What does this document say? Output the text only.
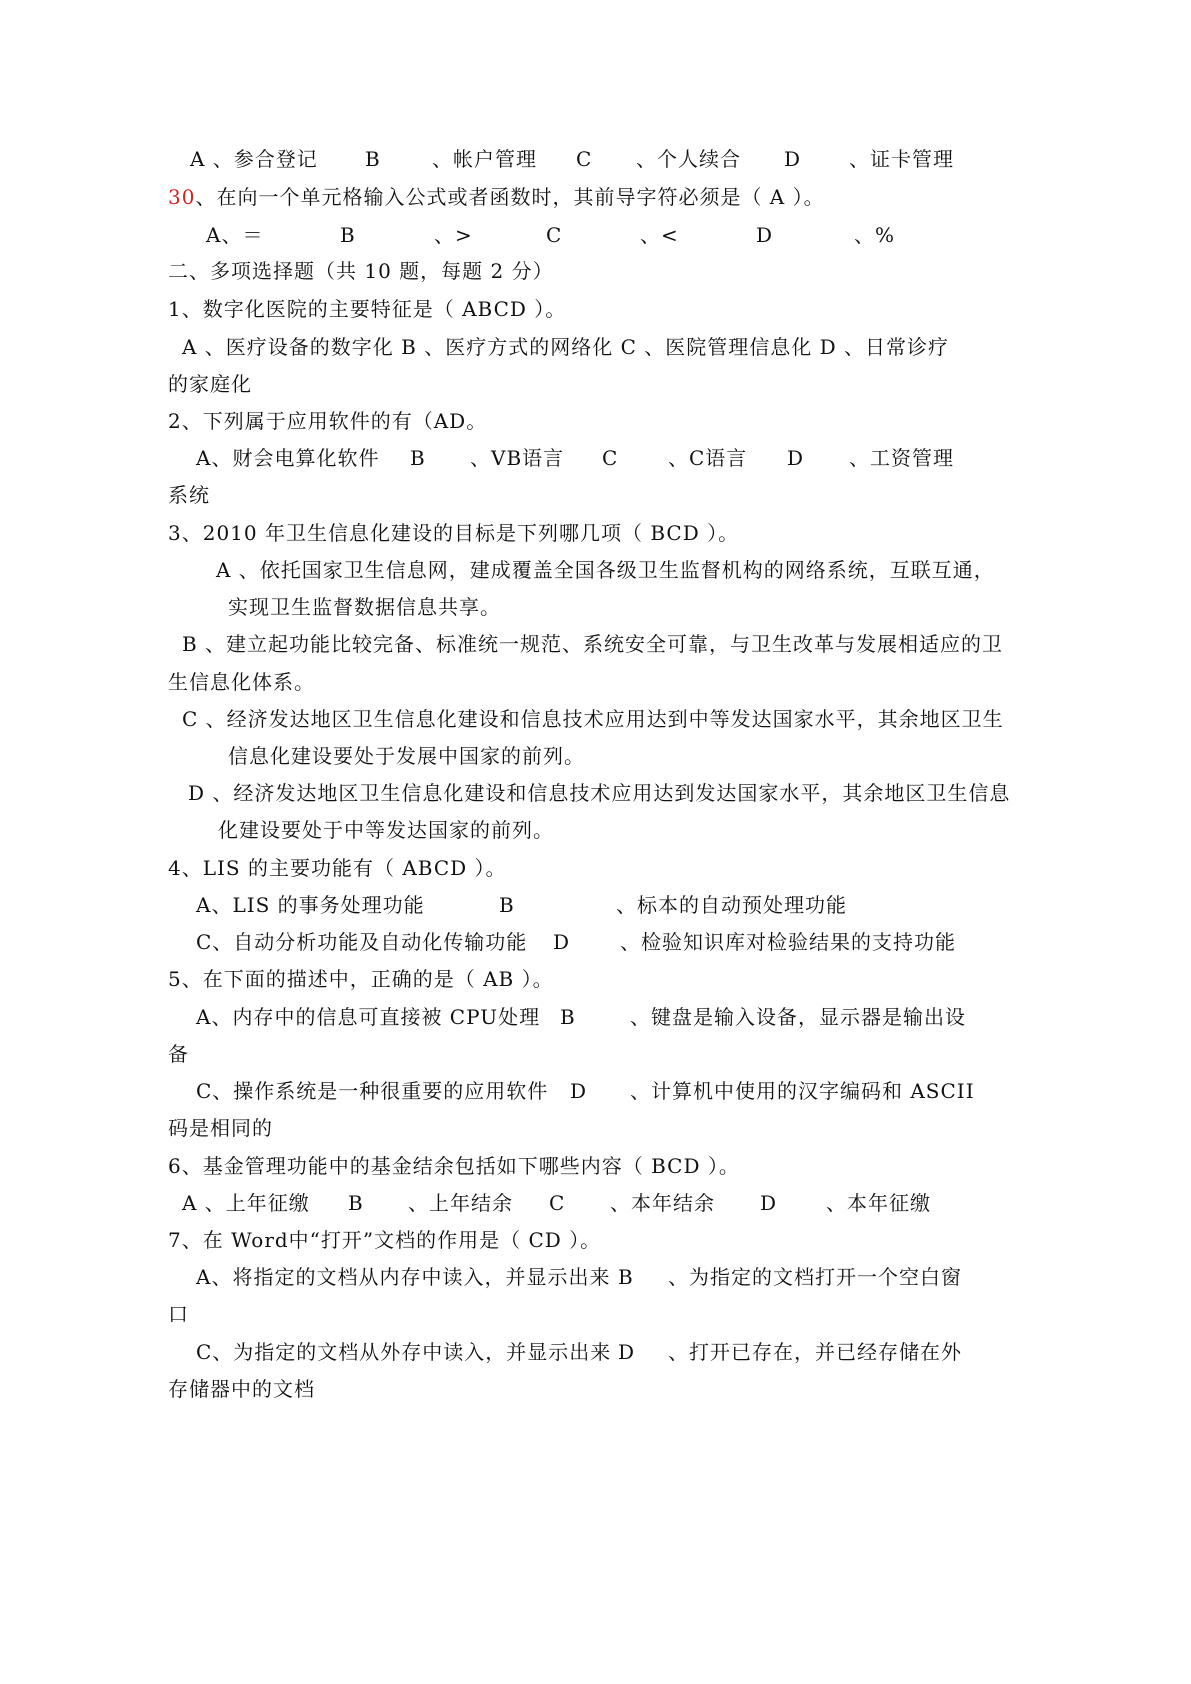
A 、参合登记 B	、帐户管理 C 、个人续合 D 、证卡管理
30、在向一个单元格输入公式或者函数时，其前导字符必须是（ A ）。
A、＝	B	、>	C	、<	D	、%
二、多项选择题（共 10 题，每题 2 分）
1、数字化医院的主要特征是（ ABCD ）。
A 、医疗设备的数字化 B 、医疗方式的网络化 C 、医院管理信息化 D 、日常诊疗
的家庭化
2、下列属于应用软件的有（AD。
A、财会电算化软件 B 、VB语言 C 、C语言 D 、工资管理
系统
3、2010 年卫生信息化建设的目标是下列哪几项（ BCD ）。
A 、依托国家卫生信息网，建成覆盖全国各级卫生监督机构的网络系统，互联互通，
实现卫生监督数据信息共享。
B 、建立起功能比较完备、标准统一规范、系统安全可靠，与卫生改革与发展相适应的卫
生信息化体系。
C 、经济发达地区卫生信息化建设和信息技术应用达到中等发达国家水平，其余地区卫生
信息化建设要处于发展中国家的前列。
D 、经济发达地区卫生信息化建设和信息技术应用达到发达国家水平，其余地区卫生信息
化建设要处于中等发达国家的前列。
4、LIS 的主要功能有（ ABCD ）。
A、LIS 的事务处理功能	B	、标本的自动预处理功能
C、自动分析功能及自动化传输功能 D 、检验知识库对检验结果的支持功能
5、在下面的描述中，正确的是（ AB ）。
A、内存中的信息可直接被 CPU处理 B	、键盘是输入设备，显示器是输出设
备
C、操作系统是一种很重要的应用软件 D 、计算机中使用的汉字编码和 ASCII
码是相同的
6、基金管理功能中的基金结余包括如下哪些内容（ BCD ）。
A 、上年征缴 B 、上年结余 C 、本年结余 D 、本年征缴
7、在 Word中“打开”文档的作用是（ CD ）。
A、将指定的文档从内存中读入，并显示出来 B 、为指定的文档打开一个空白窗
口
C、为指定的文档从外存中读入，并显示出来 D 、打开已存在，并已经存储在外
存储器中的文档
